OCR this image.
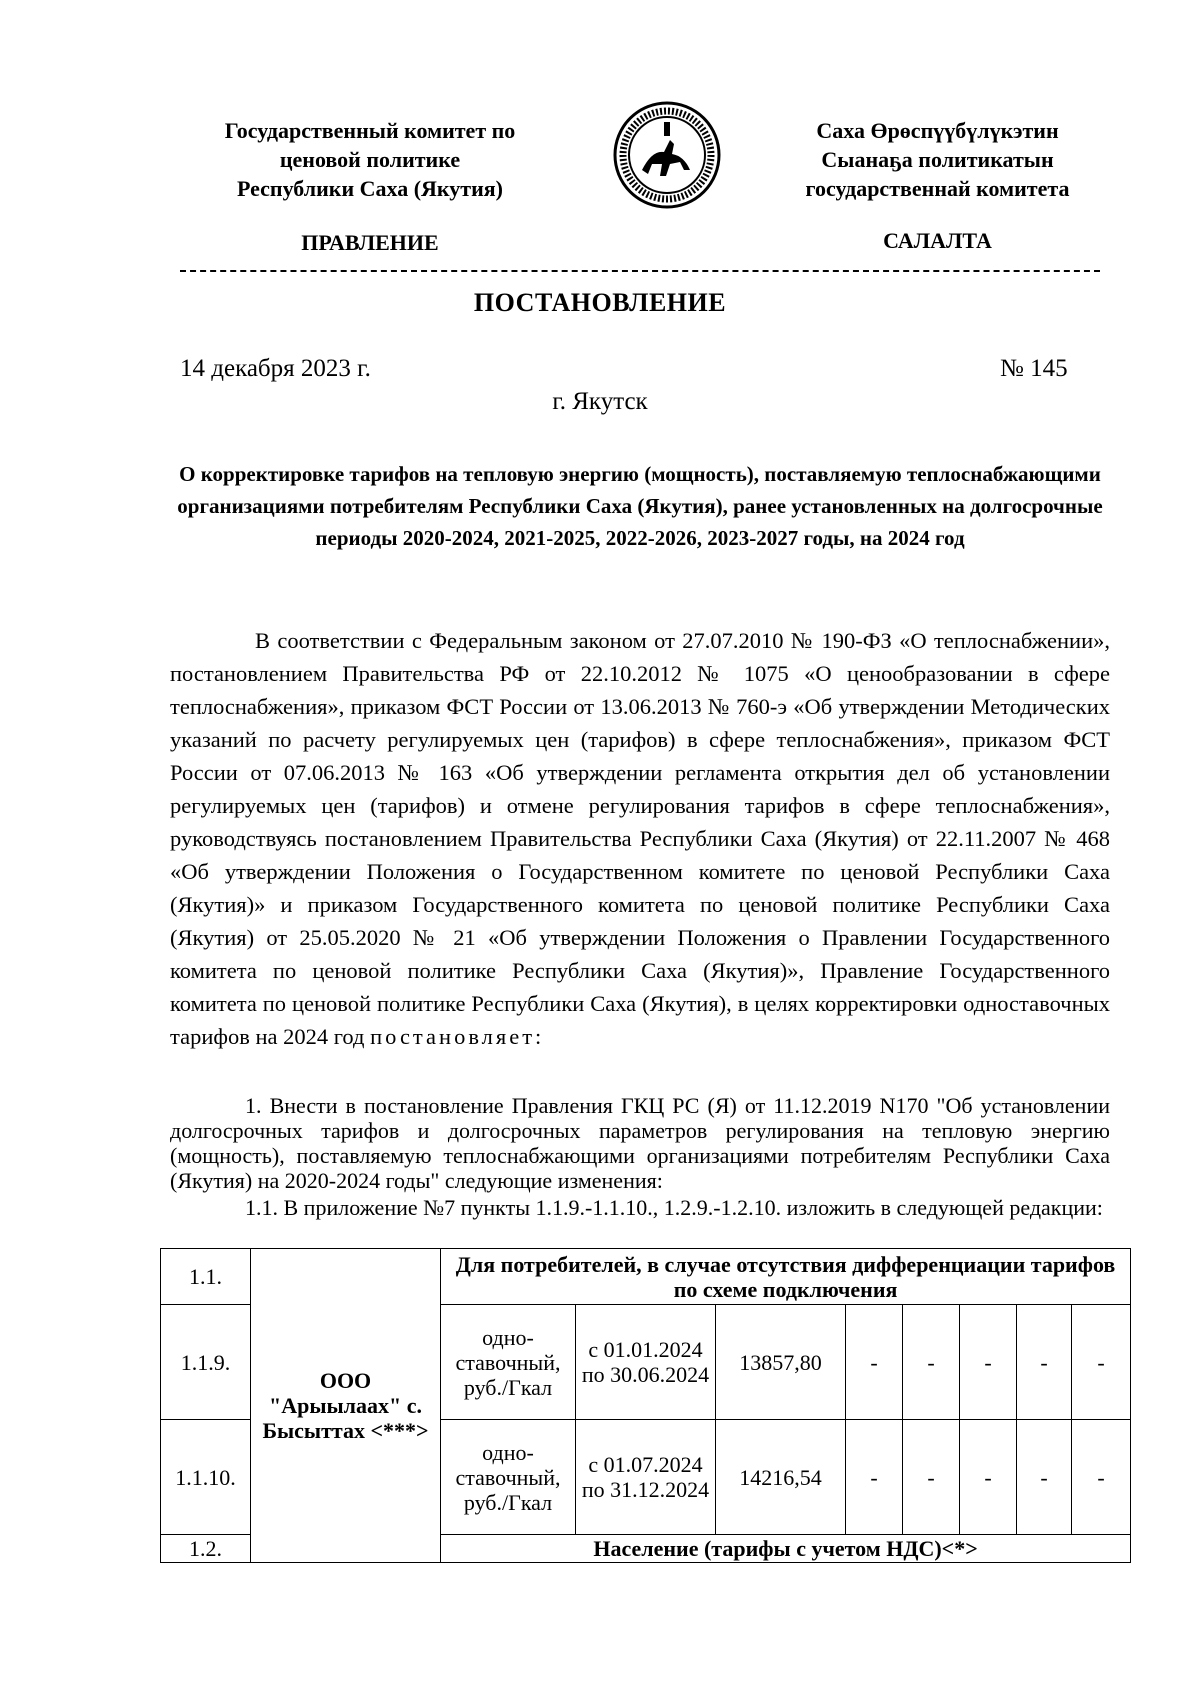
Государственный комитет по
ценовой политике
Республики Саха (Якутия)
Саха Өрөспүүбүлүкэтин
Сыанаҕа политикатын
государственнай комитета
ПРАВЛЕНИЕ	САЛАЛТА
ПОСТАНОВЛЕНИЕ
14 декабря 2023 г.	№ 145
г. Якутск
О корректировке тарифов на тепловую энергию (мощность), поставляемую теплоснабжающими организациями потребителям Республики Саха (Якутия), ранее установленных на долгосрочные периоды 2020-2024, 2021-2025, 2022-2026, 2023-2027 годы, на 2024 год

В соответствии с Федеральным законом от 27.07.2010 № 190-ФЗ «О теплоснабжении», постановлением Правительства РФ от 22.10.2012 № 1075 «О ценообразовании в сфере теплоснабжения», приказом ФСТ России от 13.06.2013 № 760-э «Об утверждении Методических указаний по расчету регулируемых цен (тарифов) в сфере теплоснабжения», приказом ФСТ России от 07.06.2013 № 163 «Об утверждении регламента открытия дел об установлении регулируемых цен (тарифов) и отмене регулирования тарифов в сфере теплоснабжения», руководствуясь постановлением Правительства Республики Саха (Якутия) от 22.11.2007 № 468 «Об утверждении Положения о Государственном комитете по ценовой Республики Саха (Якутия)» и приказом Государственного комитета по ценовой политике Республики Саха (Якутия) от 25.05.2020 № 21 «Об утверждении Положения о Правлении Государственного комитета по ценовой политике Республики Саха (Якутия)», Правление Государственного комитета по ценовой политике Республики Саха (Якутия), в целях корректировки одноставочных тарифов на 2024 год постановляет:

1. Внести в постановление Правления ГКЦ РС (Я) от 11.12.2019 N170 "Об установлении долгосрочных тарифов и долгосрочных параметров регулирования на тепловую энергию (мощность), поставляемую теплоснабжающими организациями потребителям Республики Саха (Якутия) на 2020-2024 годы" следующие изменения:

1.1. В приложение №7 пункты 1.1.9.-1.1.10., 1.2.9.-1.2.10. изложить в следующей редакции:

1.1.	ООО "Арыылаах" с. Бысыттах <***>	Для потребителей, в случае отсутствия дифференциации тарифов по схеме подключения							
1.1.9.		одно-ставочный, руб./Гкал	с 01.01.2024 по 30.06.2024	13857,80	-	-	-	-	-
1.1.10.		одно-ставочный, руб./Гкал	с 01.07.2024 по 31.12.2024	14216,54	-	-	-	-	-
1.2.		Население (тарифы с учетом НДС)<*>							
